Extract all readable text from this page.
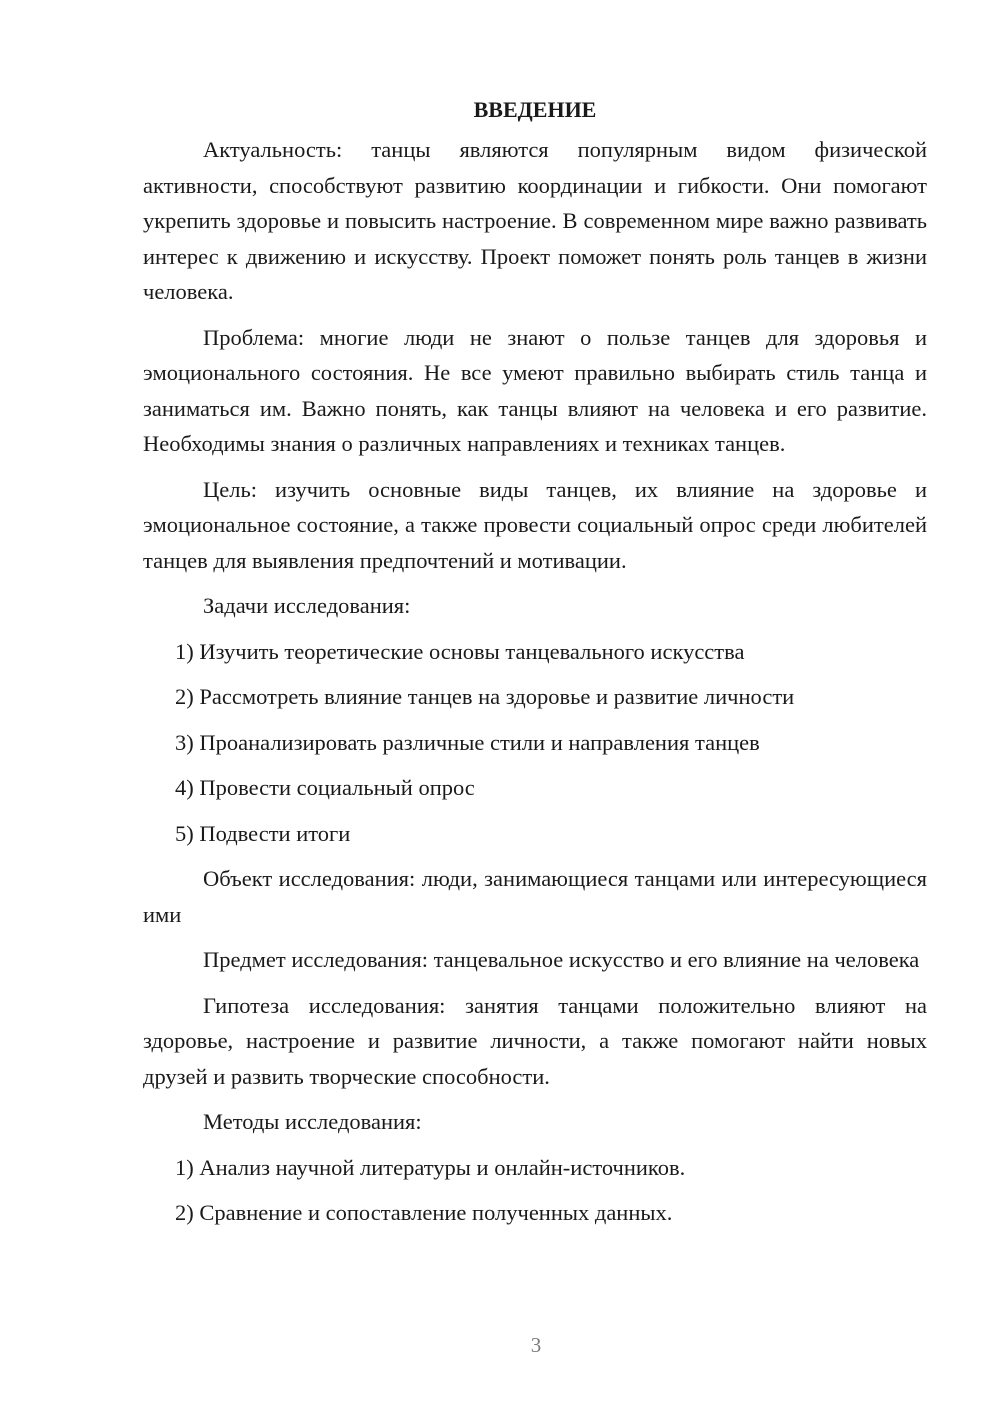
ВВЕДЕНИЕ

Актуальность: танцы являются популярным видом физической активности, способствуют развитию координации и гибкости. Они помогают укрепить здоровье и повысить настроение. В современном мире важно развивать интерес к движению и искусству. Проект поможет понять роль танцев в жизни человека.

Проблема: многие люди не знают о пользе танцев для здоровья и эмоционального состояния. Не все умеют правильно выбирать стиль танца и заниматься им. Важно понять, как танцы влияют на человека и его развитие. Необходимы знания о различных направлениях и техниках танцев.

Цель: изучить основные виды танцев, их влияние на здоровье и эмоциональное состояние, а также провести социальный опрос среди любителей танцев для выявления предпочтений и мотивации.

Задачи исследования:

1) Изучить теоретические основы танцевального искусства

2) Рассмотреть влияние танцев на здоровье и развитие личности

3) Проанализировать различные стили и направления танцев

4) Провести социальный опрос

5) Подвести итоги

Объект исследования: люди, занимающиеся танцами или интересующиеся ими

Предмет исследования: танцевальное искусство и его влияние на человека

Гипотеза исследования: занятия танцами положительно влияют на здоровье, настроение и развитие личности, а также помогают найти новых друзей и развить творческие способности.

Методы исследования:

1) Анализ научной литературы и онлайн-источников.

2) Сравнение и сопоставление полученных данных.

3
